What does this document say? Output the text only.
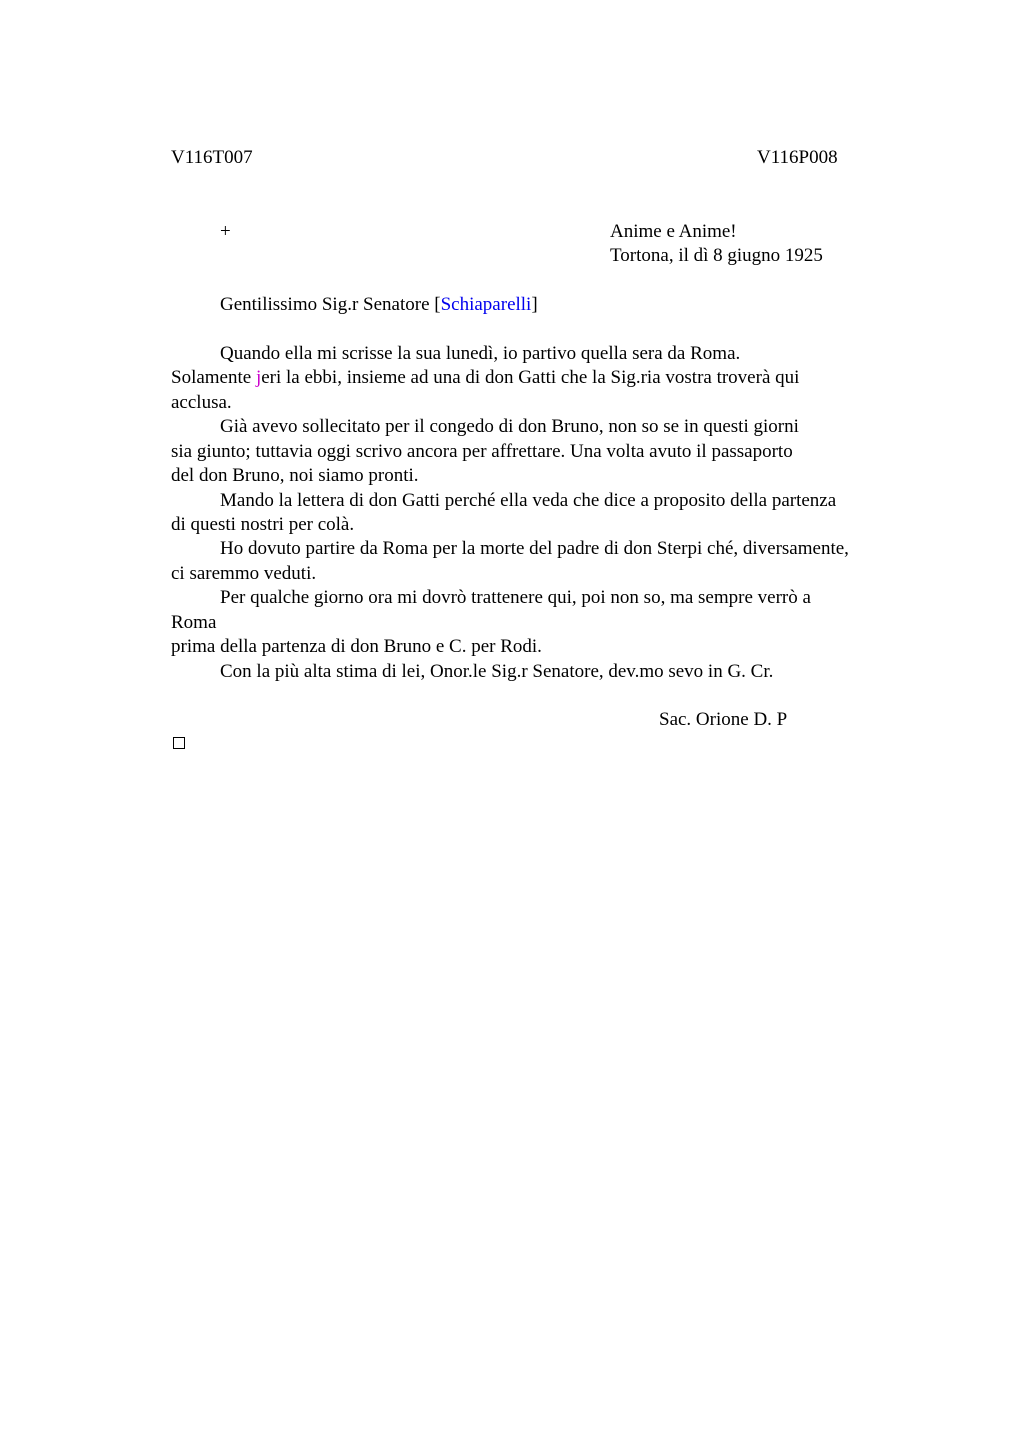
V116T007	V116P008
+	Anime e Anime!
Tortona, il dì 8 giugno 1925
Gentilissimo Sig.r Senatore [Schiaparelli]
Quando ella mi scrisse la sua lunedì, io partivo quella sera da Roma.
Solamente jeri la ebbi, insieme ad una di don Gatti che la Sig.ria vostra troverà qui
acclusa.
Già avevo sollecitato per il congedo di don Bruno, non so se in questi giorni
sia giunto; tuttavia oggi scrivo ancora per affrettare. Una volta avuto il passaporto
del don Bruno, noi siamo pronti.
Mando la lettera di don Gatti perché ella veda che dice a proposito della partenza
di questi nostri per colà.
Ho dovuto partire da Roma per la morte del padre di don Sterpi ché, diversamente,
ci saremmo veduti.
Per qualche giorno ora mi dovrò trattenere qui, poi non so, ma sempre verrò a
Roma
prima della partenza di don Bruno e C. per Rodi.
Con la più alta stima di lei, Onor.le Sig.r Senatore, dev.mo sevo in G. Cr.
Sac. Orione D. P
